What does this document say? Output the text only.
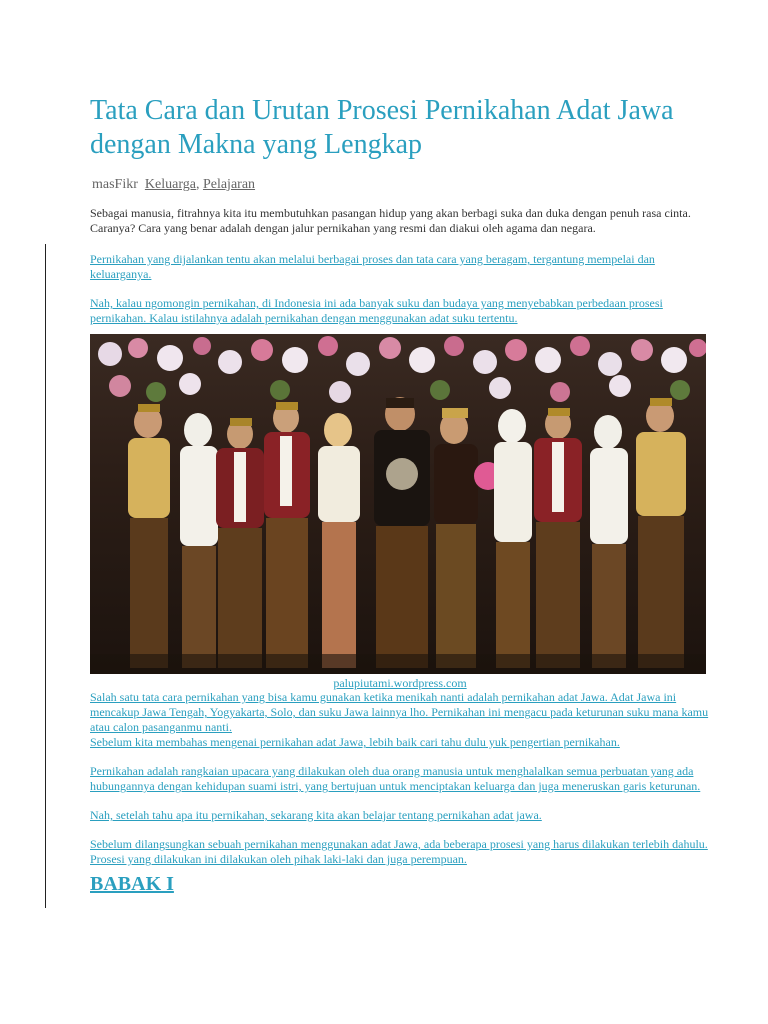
Tata Cara dan Urutan Prosesi Pernikahan Adat Jawa dengan Makna yang Lengkap
masFikr Keluarga, Pelajaran

Sebagai manusia, fitrahnya kita itu membutuhkan pasangan hidup yang akan berbagi suka dan duka dengan penuh rasa cinta. Caranya? Cara yang benar adalah dengan jalur pernikahan yang resmi dan diakui oleh agama dan negara.

Pernikahan yang dijalankan tentu akan melalui berbagai proses dan tata cara yang beragam, tergantung mempelai dan keluarganya.

Nah, kalau ngomongin pernikahan, di Indonesia ini ada banyak suku dan budaya yang menyebabkan perbedaan prosesi pernikahan. Kalau istilahnya adalah pernikahan dengan menggunakan adat suku tertentu.

palupiutami.wordpress.com

Salah satu tata cara pernikahan yang bisa kamu gunakan ketika menikah nanti adalah pernikahan adat Jawa. Adat Jawa ini mencakup Jawa Tengah, Yogyakarta, Solo, dan suku Jawa lainnya lho. Pernikahan ini mengacu pada keturunan suku mana kamu atau calon pasanganmu nanti.

Sebelum kita membahas mengenai pernikahan adat Jawa, lebih baik cari tahu dulu yuk pengertian pernikahan.

Pernikahan adalah rangkaian upacara yang dilakukan oleh dua orang manusia untuk menghalalkan semua perbuatan yang ada hubungannya dengan kehidupan suami istri, yang bertujuan untuk menciptakan keluarga dan juga meneruskan garis keturunan.

Nah, setelah tahu apa itu pernikahan, sekarang kita akan belajar tentang pernikahan adat jawa.

Sebelum dilangsungkan sebuah pernikahan menggunakan adat Jawa, ada beberapa prosesi yang harus dilakukan terlebih dahulu. Prosesi yang dilakukan ini dilakukan oleh pihak laki-laki dan juga perempuan.

BABAK I
